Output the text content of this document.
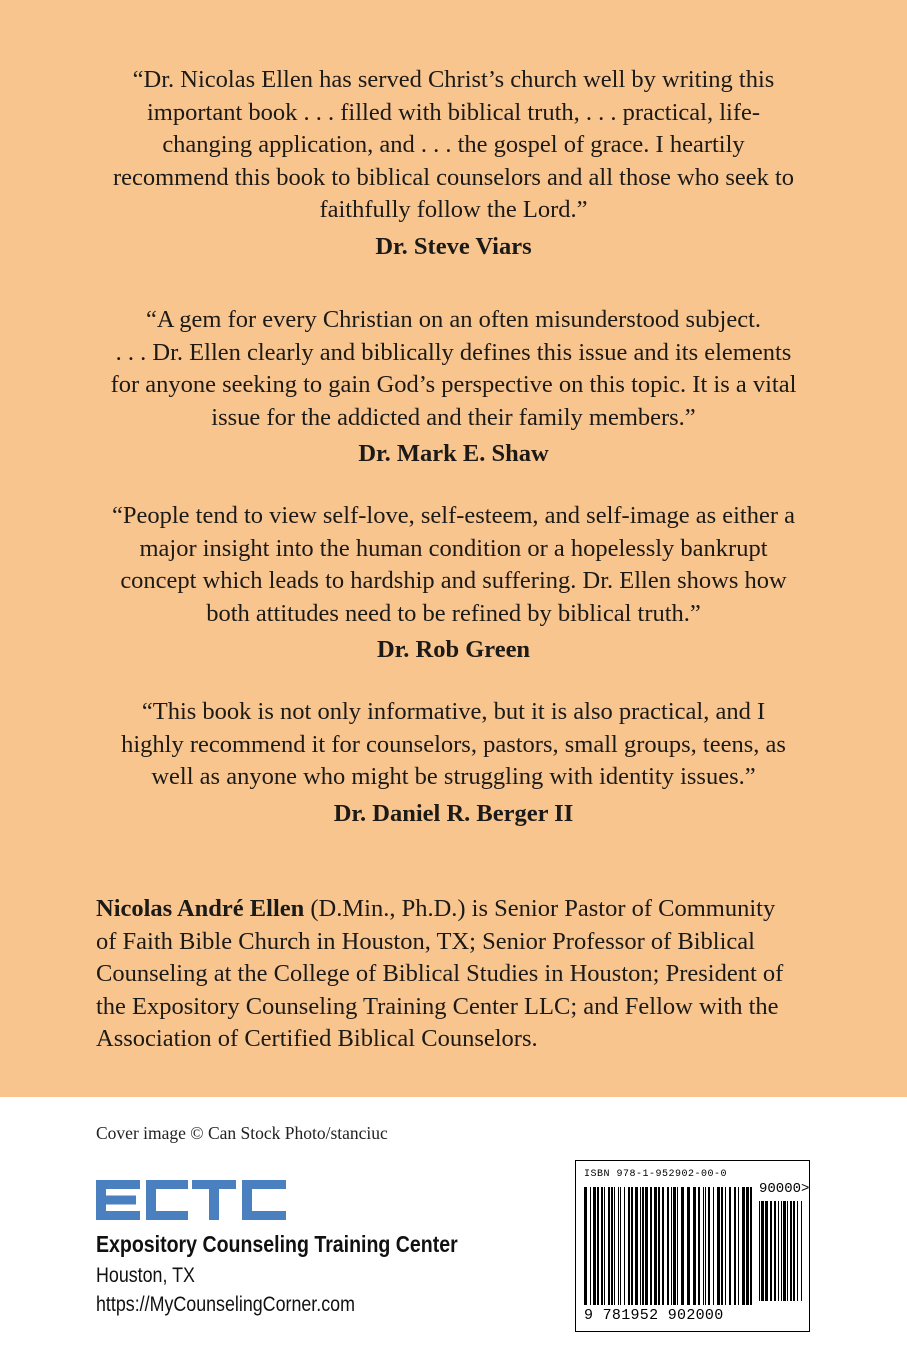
“Dr. Nicolas Ellen has served Christ’s church well by writing this

important book . . . filled with biblical truth, . . . practical, life-

changing application, and . . . the gospel of grace. I heartily

recommend this book to biblical counselors and all those who seek to

faithfully follow the Lord.”

Dr. Steve Viars

“A gem for every Christian on an often misunderstood subject.

. . . Dr. Ellen clearly and biblically defines this issue and its elements

for anyone seeking to gain God’s perspective on this topic. It is a vital

issue for the addicted and their family members.”

Dr. Mark E. Shaw

“People tend to view self-love, self-esteem, and self-image as either a

major insight into the human condition or a hopelessly bankrupt

concept which leads to hardship and suffering. Dr. Ellen shows how

both attitudes need to be refined by biblical truth.”

Dr. Rob Green

“This book is not only informative, but it is also practical, and I

highly recommend it for counselors, pastors, small groups, teens, as

well as anyone who might be struggling with identity issues.”

Dr. Daniel R. Berger II

Nicolas André Ellen (D.Min., Ph.D.) is Senior Pastor of Community
of Faith Bible Church in Houston, TX; Senior Professor of Biblical
Counseling at the College of Biblical Studies in Houston; President of
the Expository Counseling Training Center LLC; and Fellow with the
Association of Certified Biblical Counselors.
Cover image © Can Stock Photo/stanciuc
Expository Counseling Training Center
Houston, TX
https://MyCounselingCorner.com
ISBN 978-1-952902-00-0
90000>
9 781952 902000
